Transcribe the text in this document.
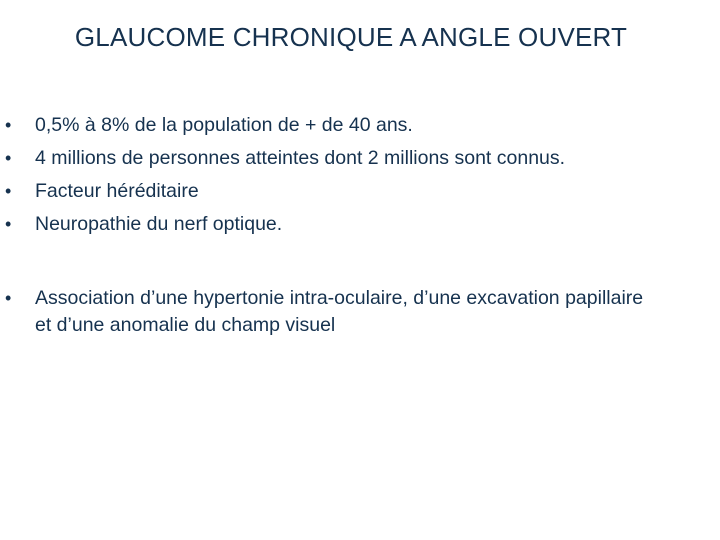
GLAUCOME CHRONIQUE A ANGLE OUVERT
•	0,5% à 8% de la population de + de 40 ans.
•	4 millions de personnes atteintes dont 2 millions sont connus.
•	Facteur héréditaire
•	Neuropathie du nerf optique.
•	Association d’une hypertonie intra-oculaire, d’une excavation papillaire et d’une anomalie du champ visuel
